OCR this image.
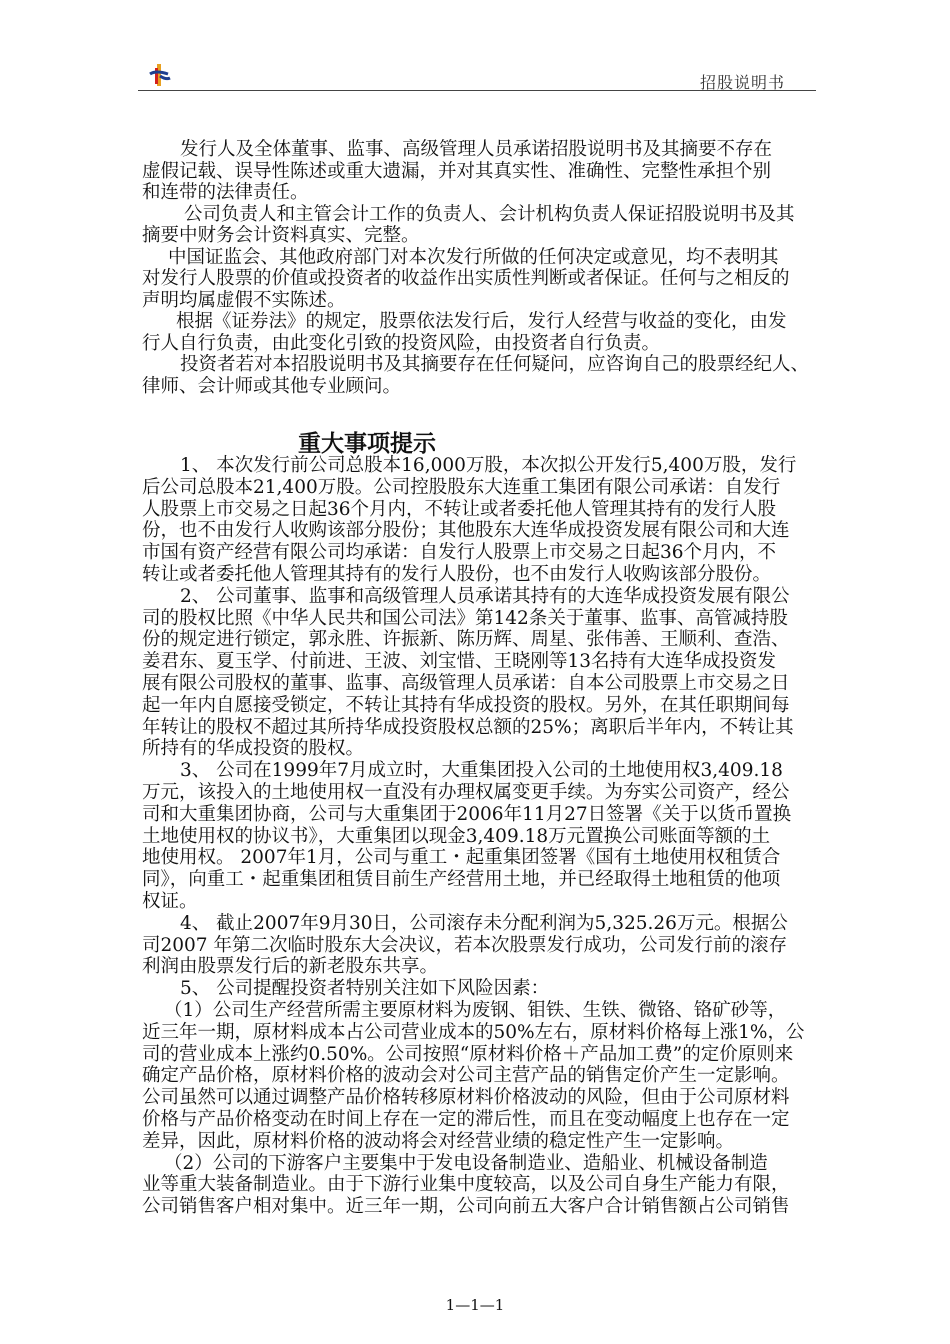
招股说明书
发行人及全体董事、监事、高级管理人员承诺招股说明书及其摘要不存在
虚假记载、误导性陈述或重大遗漏，并对其真实性、准确性、完整性承担个别
和连带的法律责任。
公司负责人和主管会计工作的负责人、会计机构负责人保证招股说明书及其
摘要中财务会计资料真实、完整。
中国证监会、其他政府部门对本次发行所做的任何决定或意见，均不表明其
对发行人股票的价值或投资者的收益作出实质性判断或者保证。任何与之相反的
声明均属虚假不实陈述。
根据《证券法》的规定，股票依法发行后，发行人经营与收益的变化，由发
行人自行负责，由此变化引致的投资风险，由投资者自行负责。
投资者若对本招股说明书及其摘要存在任何疑问，应咨询自己的股票经纪人、
律师、会计师或其他专业顾问。
重大事项提示
1、 本次发行前公司总股本16,000万股，本次拟公开发行5,400万股，发行
后公司总股本21,400万股。公司控股股东大连重工集团有限公司承诺：自发行
人股票上市交易之日起36个月内，不转让或者委托他人管理其持有的发行人股
份，也不由发行人收购该部分股份；其他股东大连华成投资发展有限公司和大连
市国有资产经营有限公司均承诺：自发行人股票上市交易之日起36个月内，不
转让或者委托他人管理其持有的发行人股份，也不由发行人收购该部分股份。
2、 公司董事、监事和高级管理人员承诺其持有的大连华成投资发展有限公
司的股权比照《中华人民共和国公司法》第142条关于董事、监事、高管减持股
份的规定进行锁定，郭永胜、许振新、陈历辉、周星、张伟善、王顺利、查浩、
姜君东、夏玉学、付前进、王波、刘宝惜、王晓刚等13名持有大连华成投资发
展有限公司股权的董事、监事、高级管理人员承诺：自本公司股票上市交易之日
起一年内自愿接受锁定，不转让其持有华成投资的股权。另外，在其任职期间每
年转让的股权不超过其所持华成投资股权总额的25%；离职后半年内，不转让其
所持有的华成投资的股权。
3、 公司在1999年7月成立时，大重集团投入公司的土地使用权3,409.18
万元，该投入的土地使用权一直没有办理权属变更手续。为夯实公司资产，经公
司和大重集团协商，公司与大重集团于2006年11月27日签署《关于以货币置换
土地使用权的协议书》，大重集团以现金3,409.18万元置换公司账面等额的土
地使用权。 2007年1月，公司与重工・起重集团签署《国有土地使用权租赁合
同》，向重工・起重集团租赁目前生产经营用土地，并已经取得土地租赁的他项
权证。
4、 截止2007年9月30日，公司滚存未分配利润为5,325.26万元。根据公
司2007 年第二次临时股东大会决议，若本次股票发行成功，公司发行前的滚存
利润由股票发行后的新老股东共享。
5、 公司提醒投资者特别关注如下风险因素：
（1）公司生产经营所需主要原材料为废钢、钼铁、生铁、微铬、铬矿砂等，
近三年一期，原材料成本占公司营业成本的50%左右，原材料价格每上涨1%，公
司的营业成本上涨约0.50%。公司按照“原材料价格＋产品加工费”的定价原则来
确定产品价格，原材料价格的波动会对公司主营产品的销售定价产生一定影响。
公司虽然可以通过调整产品价格转移原材料价格波动的风险，但由于公司原材料
价格与产品价格变动在时间上存在一定的滞后性，而且在变动幅度上也存在一定
差异，因此，原材料价格的波动将会对经营业绩的稳定性产生一定影响。
（2）公司的下游客户主要集中于发电设备制造业、造船业、机械设备制造
业等重大装备制造业。由于下游行业集中度较高，以及公司自身生产能力有限，
公司销售客户相对集中。近三年一期，公司向前五大客户合计销售额占公司销售
1—1—1
